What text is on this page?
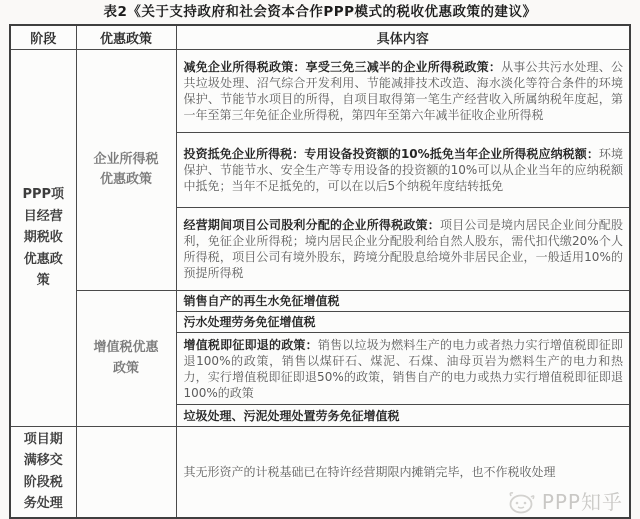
表2《关于支持政府和社会资本合作PPP模式的税收优惠政策的建议》
阶段	优惠政策	具体内容
PPP项目经营期税收优惠政策	企业所得税优惠政策	减免企业所得税政策：享受三免三减半的企业所得税政策：从事公共污水处理、公共垃圾处理、沼气综合开发利用、节能减排技术改造、海水淡化等符合条件的环境保护、节能节水项目的所得，自项目取得第一笔生产经营收入所属纳税年度起，第一年至第三年免征企业所得税，第四年至第六年减半征收企业所得税
		投资抵免企业所得税：专用设备投资额的10%抵免当年企业所得税应纳税额：环境保护、节能节水、安全生产等专用设备的投资额的10%可以从企业当年的应纳税额中抵免；当年不足抵免的，可以在以后5个纳税年度结转抵免
		经营期间项目公司股利分配的企业所得税政策：项目公司是境内居民企业间分配股利，免征企业所得税；境内居民企业分配股利给自然人股东，需代扣代缴20%个人所得税，项目公司有境外股东，跨境分配股息给境外非居民企业，一般适用10%的预提所得税
	增值税优惠政策	销售自产的再生水免征增值税
		污水处理劳务免征增值税
		增值税即征即退的政策：销售以垃圾为燃料生产的电力或者热力实行增值税即征即退100%的政策，销售以煤矸石、煤泥、石煤、油母页岩为燃料生产的电力和热力，实行增值税即征即退50%的政策，销售自产的电力或热力实行增值税即征即退100%的政策
		垃圾处理、污泥处理处置劳务免征增值税
项目期满移交阶段税务处理		其无形资产的计税基础已在特许经营期限内摊销完毕，也不作税收处理
PPP知乎
